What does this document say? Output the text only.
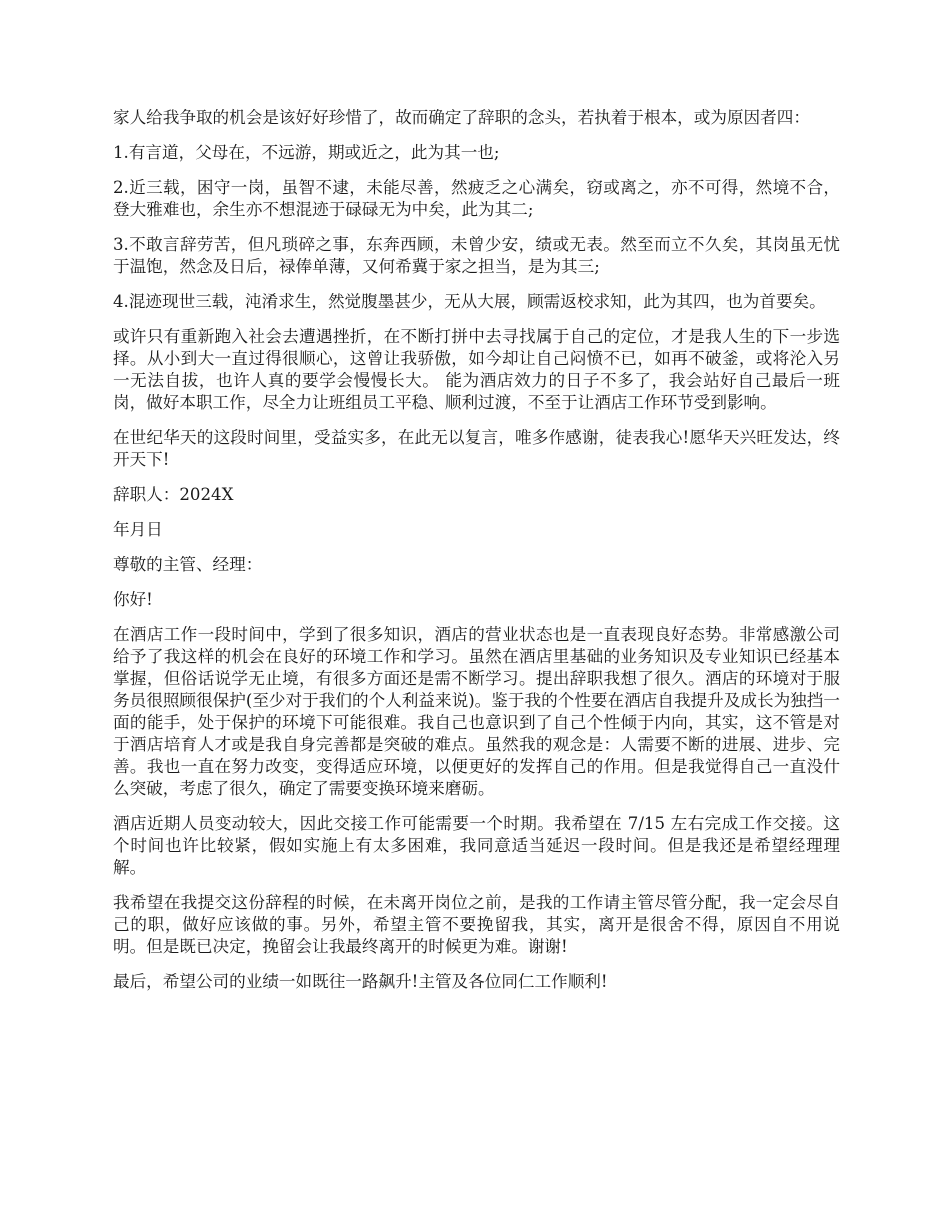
家人给我争取的机会是该好好珍惜了，故而确定了辞职的念头，若执着于根本，或为原因者四：

1.有言道，父母在，不远游，期或近之，此为其一也;

2.近三载，困守一岗，虽智不逮，未能尽善，然疲乏之心满矣，窃或离之，亦不可得，然境不合，登大雅难也，余生亦不想混迹于碌碌无为中矣，此为其二;

3.不敢言辞劳苦，但凡琐碎之事，东奔西顾，未曾少安，绩或无表。然至而立不久矣，其岗虽无忧于温饱，然念及日后，禄俸单薄，又何希冀于家之担当，是为其三;

4.混迹现世三载，沌淆求生，然觉腹墨甚少，无从大展，顾需返校求知，此为其四，也为首要矣。

或许只有重新跑入社会去遭遇挫折，在不断打拼中去寻找属于自己的定位，才是我人生的下一步选择。从小到大一直过得很顺心，这曾让我骄傲，如今却让自己闷愤不已，如再不破釜，或将沦入另一无法自拔，也许人真的要学会慢慢长大。 能为酒店效力的日子不多了，我会站好自己最后一班岗，做好本职工作，尽全力让班组员工平稳、顺利过渡，不至于让酒店工作环节受到影响。

在世纪华天的这段时间里，受益实多，在此无以复言，唯多作感谢，徒表我心!愿华天兴旺发达，终开天下!

辞职人：2024X

年月日

尊敬的主管、经理：

你好!

在酒店工作一段时间中，学到了很多知识，酒店的营业状态也是一直表现良好态势。非常感激公司给予了我这样的机会在良好的环境工作和学习。虽然在酒店里基础的业务知识及专业知识已经基本掌握，但俗话说学无止境，有很多方面还是需不断学习。提出辞职我想了很久。酒店的环境对于服务员很照顾很保护(至少对于我们的个人利益来说)。鉴于我的个性要在酒店自我提升及成长为独挡一面的能手，处于保护的环境下可能很难。我自己也意识到了自己个性倾于内向，其实，这不管是对于酒店培育人才或是我自身完善都是突破的难点。虽然我的观念是：人需要不断的进展、进步、完善。我也一直在努力改变，变得适应环境，以便更好的发挥自己的作用。但是我觉得自己一直没什么突破，考虑了很久，确定了需要变换环境来磨砺。

酒店近期人员变动较大，因此交接工作可能需要一个时期。我希望在 7/15 左右完成工作交接。这个时间也许比较紧，假如实施上有太多困难，我同意适当延迟一段时间。但是我还是希望经理理解。

我希望在我提交这份辞程的时候，在未离开岗位之前，是我的工作请主管尽管分配，我一定会尽自己的职，做好应该做的事。另外，希望主管不要挽留我，其实，离开是很舍不得，原因自不用说明。但是既已决定，挽留会让我最终离开的时候更为难。谢谢!

最后，希望公司的业绩一如既往一路飙升!主管及各位同仁工作顺利!
